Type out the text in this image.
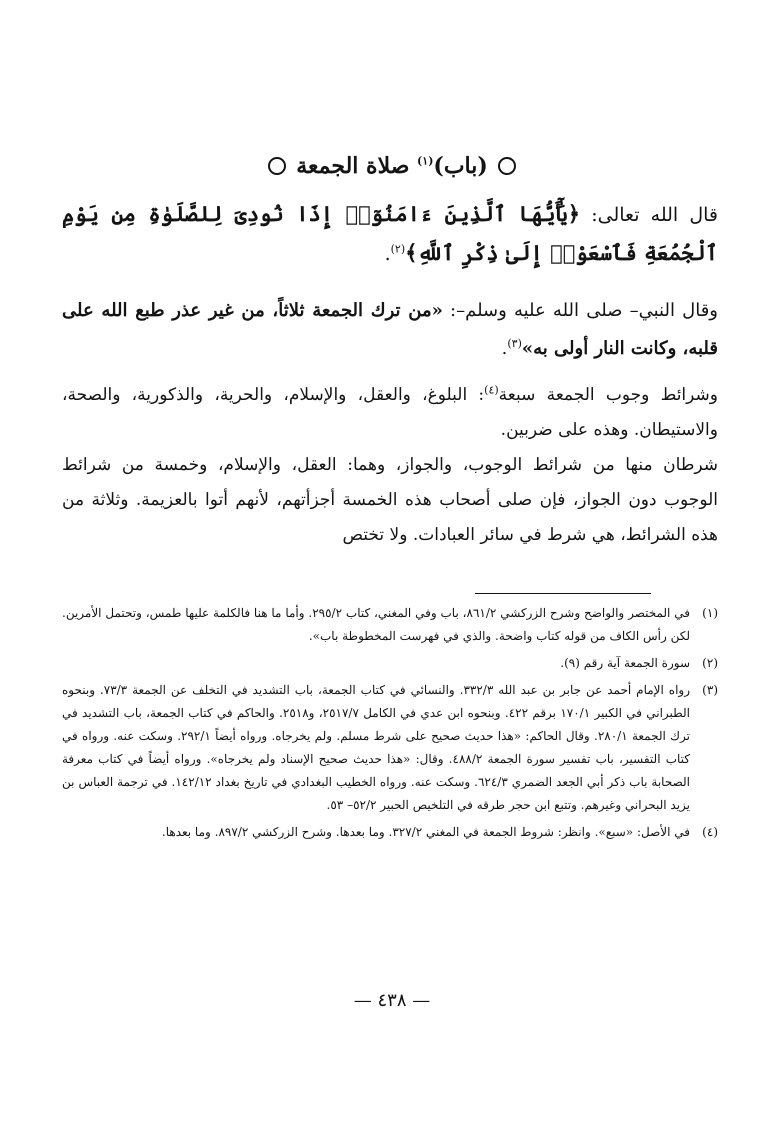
(باب)$^{(١)}$ صلاة الجمعة
قال الله تعالى: ﴿يَٰٓأَيُّهَا ٱلَّذِينَ ءَامَنُوٓا۟ إِذَا نُودِىَ لِلصَّلَوٰةِ مِن يَوْمِ ٱلْجُمُعَةِ فَٱسْعَوْا۟ إِلَىٰ ذِكْرِ ٱللَّهِ﴾$^{(٢)}$.
وقال النبي– صلى الله عليه وسلم–: «من ترك الجمعة ثلاثاً، من غير عذر طبع الله على قلبه، وكانت النار أولى به»$^{(٣)}$.
وشرائط وجوب الجمعة سبعة$^{(٤)}$: البلوغ، والعقل، والإسلام، والحرية، والذكورية، والصحة، والاستيطان. وهذه على ضربين.
شرطان منها من شرائط الوجوب، والجواز، وهما: العقل، والإسلام، وخمسة من شرائط الوجوب دون الجواز، فإن صلى أصحاب هذه الخمسة أجزأتهم، لأنهم أتوا بالعزيمة. وثلاثة من هذه الشرائط، هي شرط في سائر العبادات. ولا تختص
(١)
في المختصر والواضح وشرح الزركشي ٨٦١/٢، باب وفي المغني، كتاب ٢٩٥/٢. وأما ما هنا فالكلمة عليها طمس، وتحتمل الأمرين. لكن رأس الكاف من قوله كتاب واضحة. والذي في فهرست المخطوطة باب».
(٢)
سورة الجمعة آية رقم (٩).
(٣)
رواه الإمام أحمد عن جابر بن عبد الله ٣٣٢/٣. والنسائي في كتاب الجمعة، باب التشديد في التخلف عن الجمعة ٧٣/٣. وبنحوه الطبراني في الكبير ١٧٠/١ برقم ٤٢٢. وبنحوه ابن عدي في الكامل ٢٥١٧/٧، و٢٥١٨. والحاكم في كتاب الجمعة، باب التشديد في ترك الجمعة ٢٨٠/١. وقال الحاكم: «هذا حديث صحيح على شرط مسلم. ولم يخرجاه. ورواه أيضاً ٢٩٢/١. وسكت عنه. ورواه في كتاب التفسير، باب تفسير سورة الجمعة ٤٨٨/٢. وقال: «هذا حديث صحيح الإسناد ولم يخرجاه». ورواه أيضاً في كتاب معرفة الصحابة باب ذكر أبي الجعد الضمري ٦٢٤/٣. وسكت عنه. ورواه الخطيب البغدادي في تاريخ بغداد ١٤٢/١٢. في ترجمة العباس بن يزيد البحراني وغيرهم. وتتبع ابن حجر طرقه في التلخيص الحبير ٥٢/٢– ٥٣.
(٤)
في الأصل: «سبع». وانظر: شروط الجمعة في المغني ٣٢٧/٢. وما بعدها. وشرح الزركشي ٨٩٧/٢. وما بعدها.
— ٤٣٨ —
